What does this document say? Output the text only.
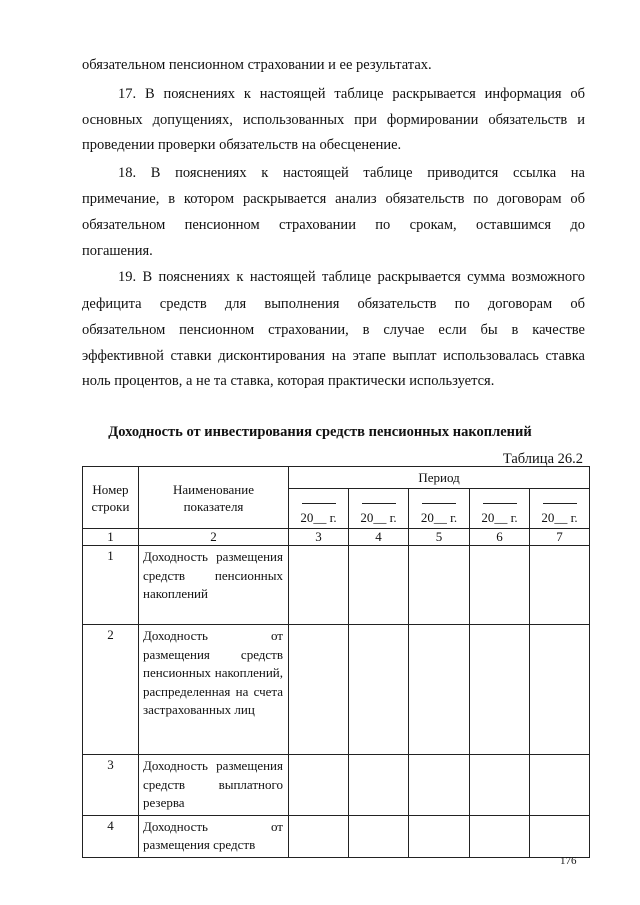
обязательном пенсионном страховании и ее результатах.
17. В пояснениях к настоящей таблице раскрывается информация об
основных допущениях, использованных при формировании обязательств и
проведении проверки обязательств на обесценение.
18. В пояснениях к настоящей таблице приводится ссылка на
примечание, в котором раскрывается анализ обязательств по договорам об
обязательном пенсионном страховании по срокам, оставшимся до
погашения.
19. В пояснениях к настоящей таблице раскрывается сумма возможного
дефицита средств для выполнения обязательств по договорам об
обязательном пенсионном страховании, в случае если бы в качестве
эффективной ставки дисконтирования на этапе выплат использовалась ставка
ноль процентов, а не та ставка, которая практически используется.
Доходность от инвестирования средств пенсионных накоплений
Таблица 26.2
Номер строки	Наименование показателя	Период				

		20__ г.	20__ г.	20__ г.	20__ г.	20__ г.

1	2	3	4	5	6	7
1	Доходность размещения средств пенсионных накоплений					
2	Доходность от размещения средств пенсионных накоплений, распределенная на счета застрахованных лиц					
3	Доходность размещения средств выплатного резерва					
4	Доходность от размещения средств					
176
